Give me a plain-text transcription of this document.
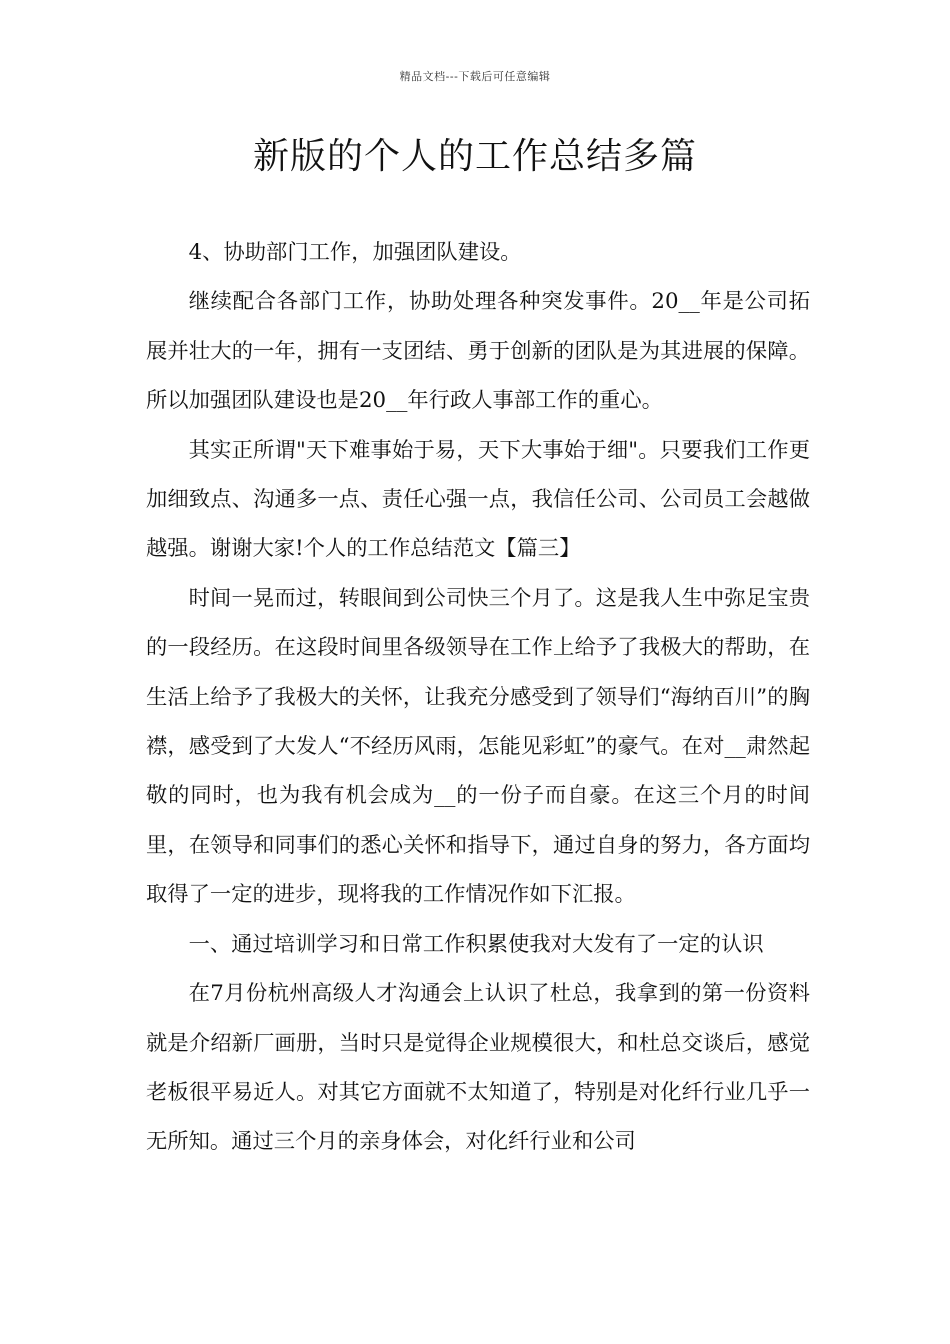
精品文档---下载后可任意编辑
新版的个人的工作总结多篇

4、协助部门工作，加强团队建设。

继续配合各部门工作，协助处理各种突发事件。20__年是公司拓展并壮大的一年，拥有一支团结、勇于创新的团队是为其进展的保障。所以加强团队建设也是20__年行政人事部工作的重心。

其实正所谓"天下难事始于易，天下大事始于细"。只要我们工作更加细致点、沟通多一点、责任心强一点，我信任公司、公司员工会越做越强。谢谢大家!个人的工作总结范文【篇三】

时间一晃而过，转眼间到公司快三个月了。这是我人生中弥足宝贵的一段经历。在这段时间里各级领导在工作上给予了我极大的帮助，在生活上给予了我极大的关怀，让我充分感受到了领导们“海纳百川”的胸襟，感受到了大发人“不经历风雨，怎能见彩虹”的豪气。在对__肃然起敬的同时，也为我有机会成为__的一份子而自豪。在这三个月的时间里，在领导和同事们的悉心关怀和指导下，通过自身的努力，各方面均取得了一定的进步，现将我的工作情况作如下汇报。

一、通过培训学习和日常工作积累使我对大发有了一定的认识

在7月份杭州高级人才沟通会上认识了杜总，我拿到的第一份资料就是介绍新厂画册，当时只是觉得企业规模很大，和杜总交谈后，感觉老板很平易近人。对其它方面就不太知道了，特别是对化纤行业几乎一无所知。通过三个月的亲身体会，对化纤行业和公司
